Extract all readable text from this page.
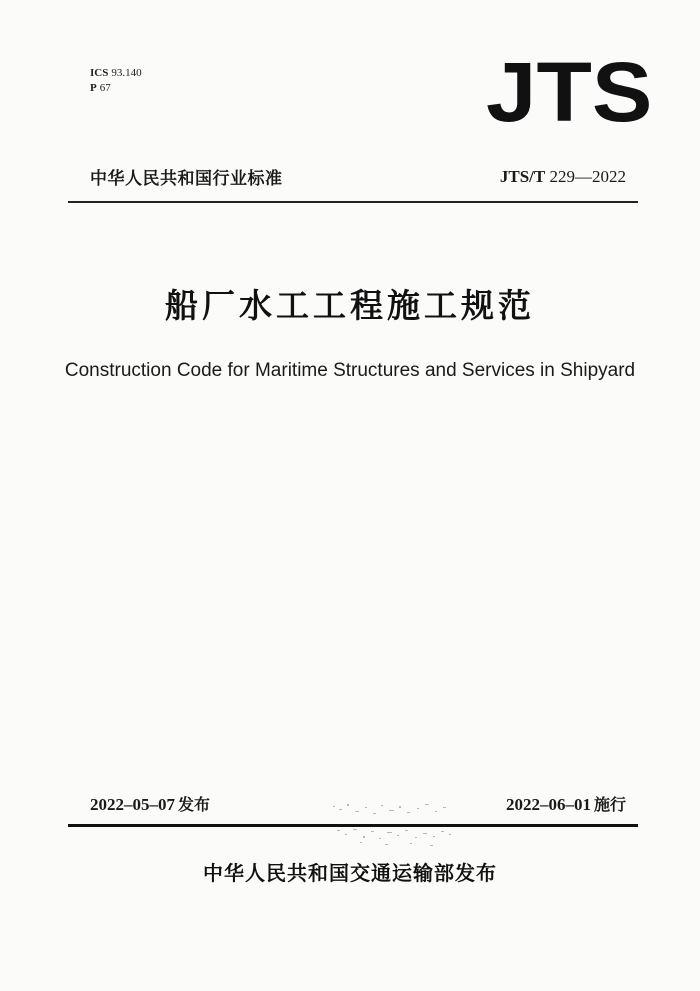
ICS 93.140
P 67	JTS
中华人民共和国行业标准	JTS/T 229—2022
船厂水工工程施工规范
Construction Code for Maritime Structures and Services in Shipyard
2022–05–07 发布	2022–06–01 施行
中华人民共和国交通运输部发布
